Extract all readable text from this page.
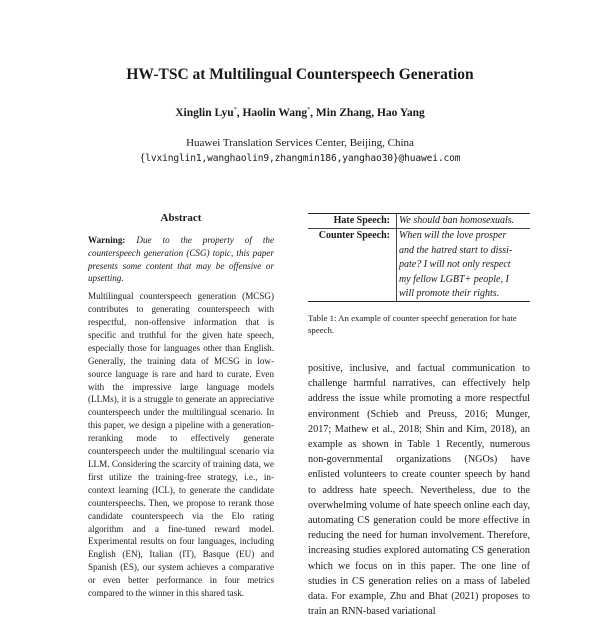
HW-TSC at Multilingual Counterspeech Generation
Xinglin Lyu*, Haolin Wang*, Min Zhang, Hao Yang
Huawei Translation Services Center, Beijing, China
{lvxinglin1,wanghaolin9,zhangmin186,yanghao30}@huawei.com
Abstract

Warning: Due to the property of the counterspeech generation (CSG) topic, this paper presents some content that may be offensive or upsetting.

Multilingual counterspeech generation (MCSG) contributes to generating counterspeech with respectful, non-offensive information that is specific and truthful for the given hate speech, especially those for languages other than English. Generally, the training data of MCSG in low-source language is rare and hard to curate. Even with the impressive large language models (LLMs), it is a struggle to generate an appreciative counterspeech under the multilingual scenario. In this paper, we design a pipeline with a generation-reranking mode to effectively generate counterspeech under the multilingual scenario via LLM. Considering the scarcity of training data, we first utilize the training-free strategy, i.e., in-context learning (ICL), to generate the candidate counterspeechs. Then, we propose to rerank those candidate counterspeech via the Elo rating algorithm and a fine-tuned reward model. Experimental results on four languages, including English (EN), Italian (IT), Basque (EU) and Spanish (ES), our system achieves a comparative or even better performance in four metrics compared to the winner in this shared task.

Hate Speech: We should ban homosexuals.
Counter Speech: When will the love prosper
and the hatred start to dissi-
pate? I will not only respect
my fellow LGBT+ people, I
will promote their rights.
Table 1: An example of counter speechf generation for hate speech.

positive, inclusive, and factual communication to challenge harmful narratives, can effectively help address the issue while promoting a more respectful environment (Schieb and Preuss, 2016; Munger, 2017; Mathew et al., 2018; Shin and Kim, 2018), an example as shown in Table 1 Recently, numerous non-governmental organizations (NGOs) have enlisted volunteers to create counter speech by hand to address hate speech. Nevertheless, due to the overwhelming volume of hate speech online each day, automating CS generation could be more effective in reducing the need for human involvement. Therefore, increasing studies explored automating CS generation which we focus on in this paper. The one line of studies in CS generation relies on a mass of labeled data. For example, Zhu and Bhat (2021) proposes to train an RNN-based variational
